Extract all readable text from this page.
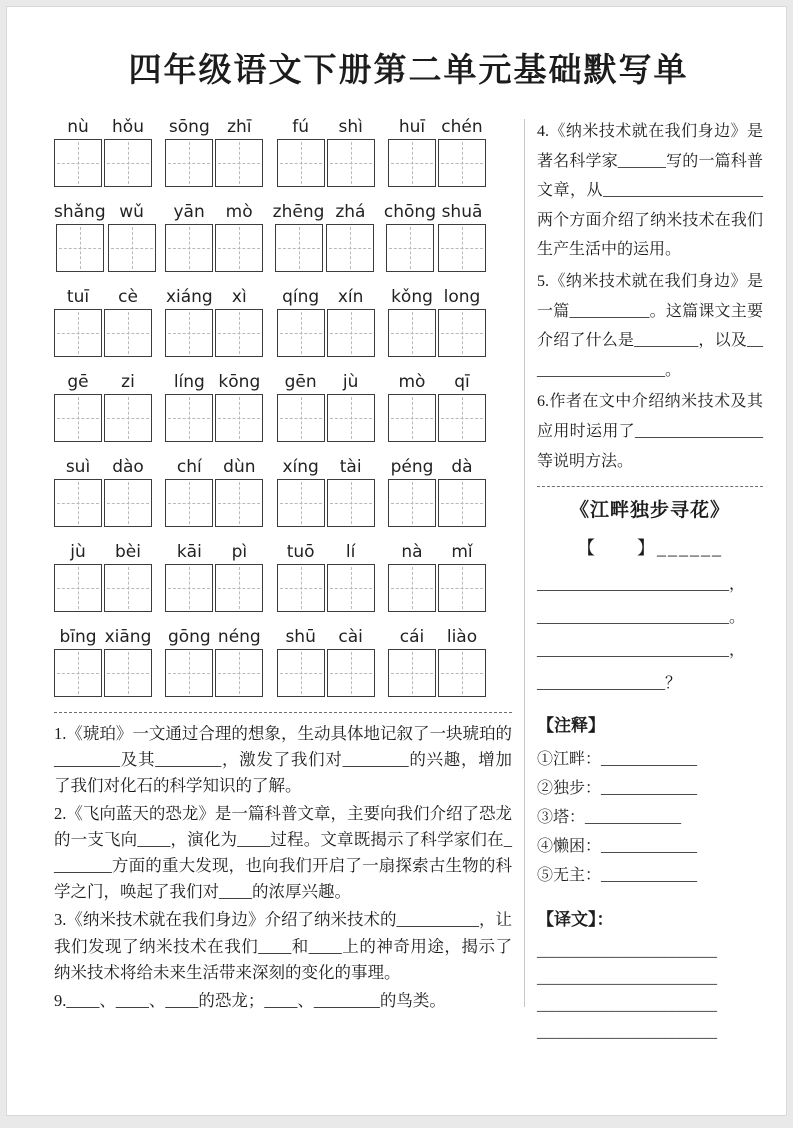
四年级语文下册第二单元基础默写单
nù hǒu sōng zhī fú shì huī chén
shǎng wǔ yān mò zhēng zhá chōng shuā
tuī cè xiáng xì qíng xín kǒng long
gē zi líng kōng gēn jù mò qī
suì dào chí dùn xíng tài péng dà
jù bèi kāi pì tuō lí	nà mǐ
bīng xiāng gōng néng shū cài cái liào

1.《琥珀》一文通过合理的想象，生动具体地记叙了一块琥珀的________及其________，激发了我们对________的兴趣，增加了我们对化石的科学知识的了解。

2.《飞向蓝天的恐龙》是一篇科普文章，主要向我们介绍了恐龙的一支飞向____，演化为____过程。文章既揭示了科学家们在________方面的重大发现，也向我们开启了一扇探索古生物的科学之门，唤起了我们对____的浓厚兴趣。

3.《纳米技术就在我们身边》介绍了纳米技术的__________，让我们发现了纳米技术在我们____和____上的神奇用途，揭示了纳米技术将给未来生活带来深刻的变化的事理。

9.____、____、____的恐龙；____、________的鸟类。

4.《纳米技术就在我们身边》是著名科学家______写的一篇科普文章，从____________________两个方面介绍了纳米技术在我们生产生活中的运用。

5.《纳米技术就在我们身边》是一篇__________。这篇课文主要介绍了什么是________，以及__________________。

6.作者在文中介绍纳米技术及其应用时运用了________________等说明方法。

《江畔独步寻花》
【　　】______
________________________，
________________________。
________________________，
________________？
【注释】
①江畔：____________
②独步：____________
③塔：____________
④懒困：____________
⑤无主：____________
【译文】：
________________________
________________________
________________________
________________________
